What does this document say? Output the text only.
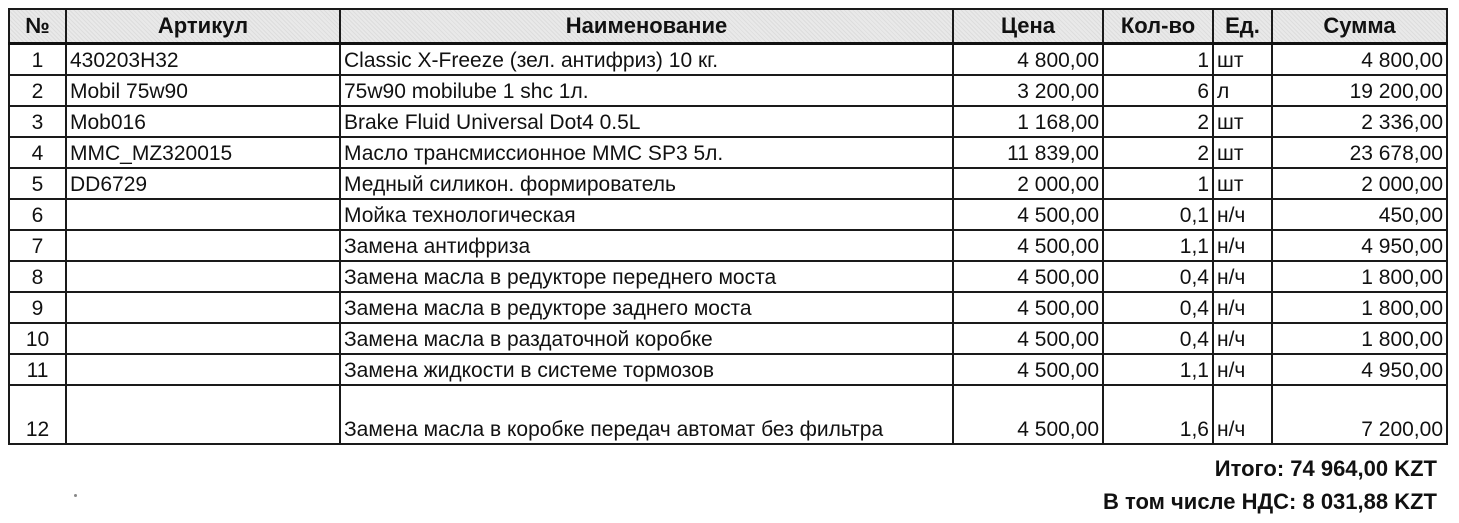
№	Артикул	Наименование	Цена	Кол-во	Ед.	Сумма
1	430203H32	Classic X-Freeze (зел. антифриз) 10 кг.	4 800,00	1	шт	4 800,00
2	Mobil 75w90	75w90 mobilube 1 shc 1л.	3 200,00	6	л	19 200,00
3	Mob016	Brake Fluid Universal Dot4 0.5L	1 168,00	2	шт	2 336,00
4	MMC_MZ320015	Масло трансмиссионное MMC SP3 5л.	11 839,00	2	шт	23 678,00
5	DD6729	Медный силикон. формирователь	2 000,00	1	шт	2 000,00
6		Мойка технологическая	4 500,00	0,1	н/ч	450,00
7		Замена антифриза	4 500,00	1,1	н/ч	4 950,00
8		Замена масла в редукторе переднего моста	4 500,00	0,4	н/ч	1 800,00
9		Замена масла в редукторе заднего моста	4 500,00	0,4	н/ч	1 800,00
10		Замена масла в раздаточной коробке	4 500,00	0,4	н/ч	1 800,00
11		Замена жидкости в системе тормозов	4 500,00	1,1	н/ч	4 950,00
12		Замена масла в коробке передач автомат без фильтра	4 500,00	1,6	н/ч	7 200,00
Итого: 74 964,00 KZT
В том числе НДС: 8 031,88 KZT
